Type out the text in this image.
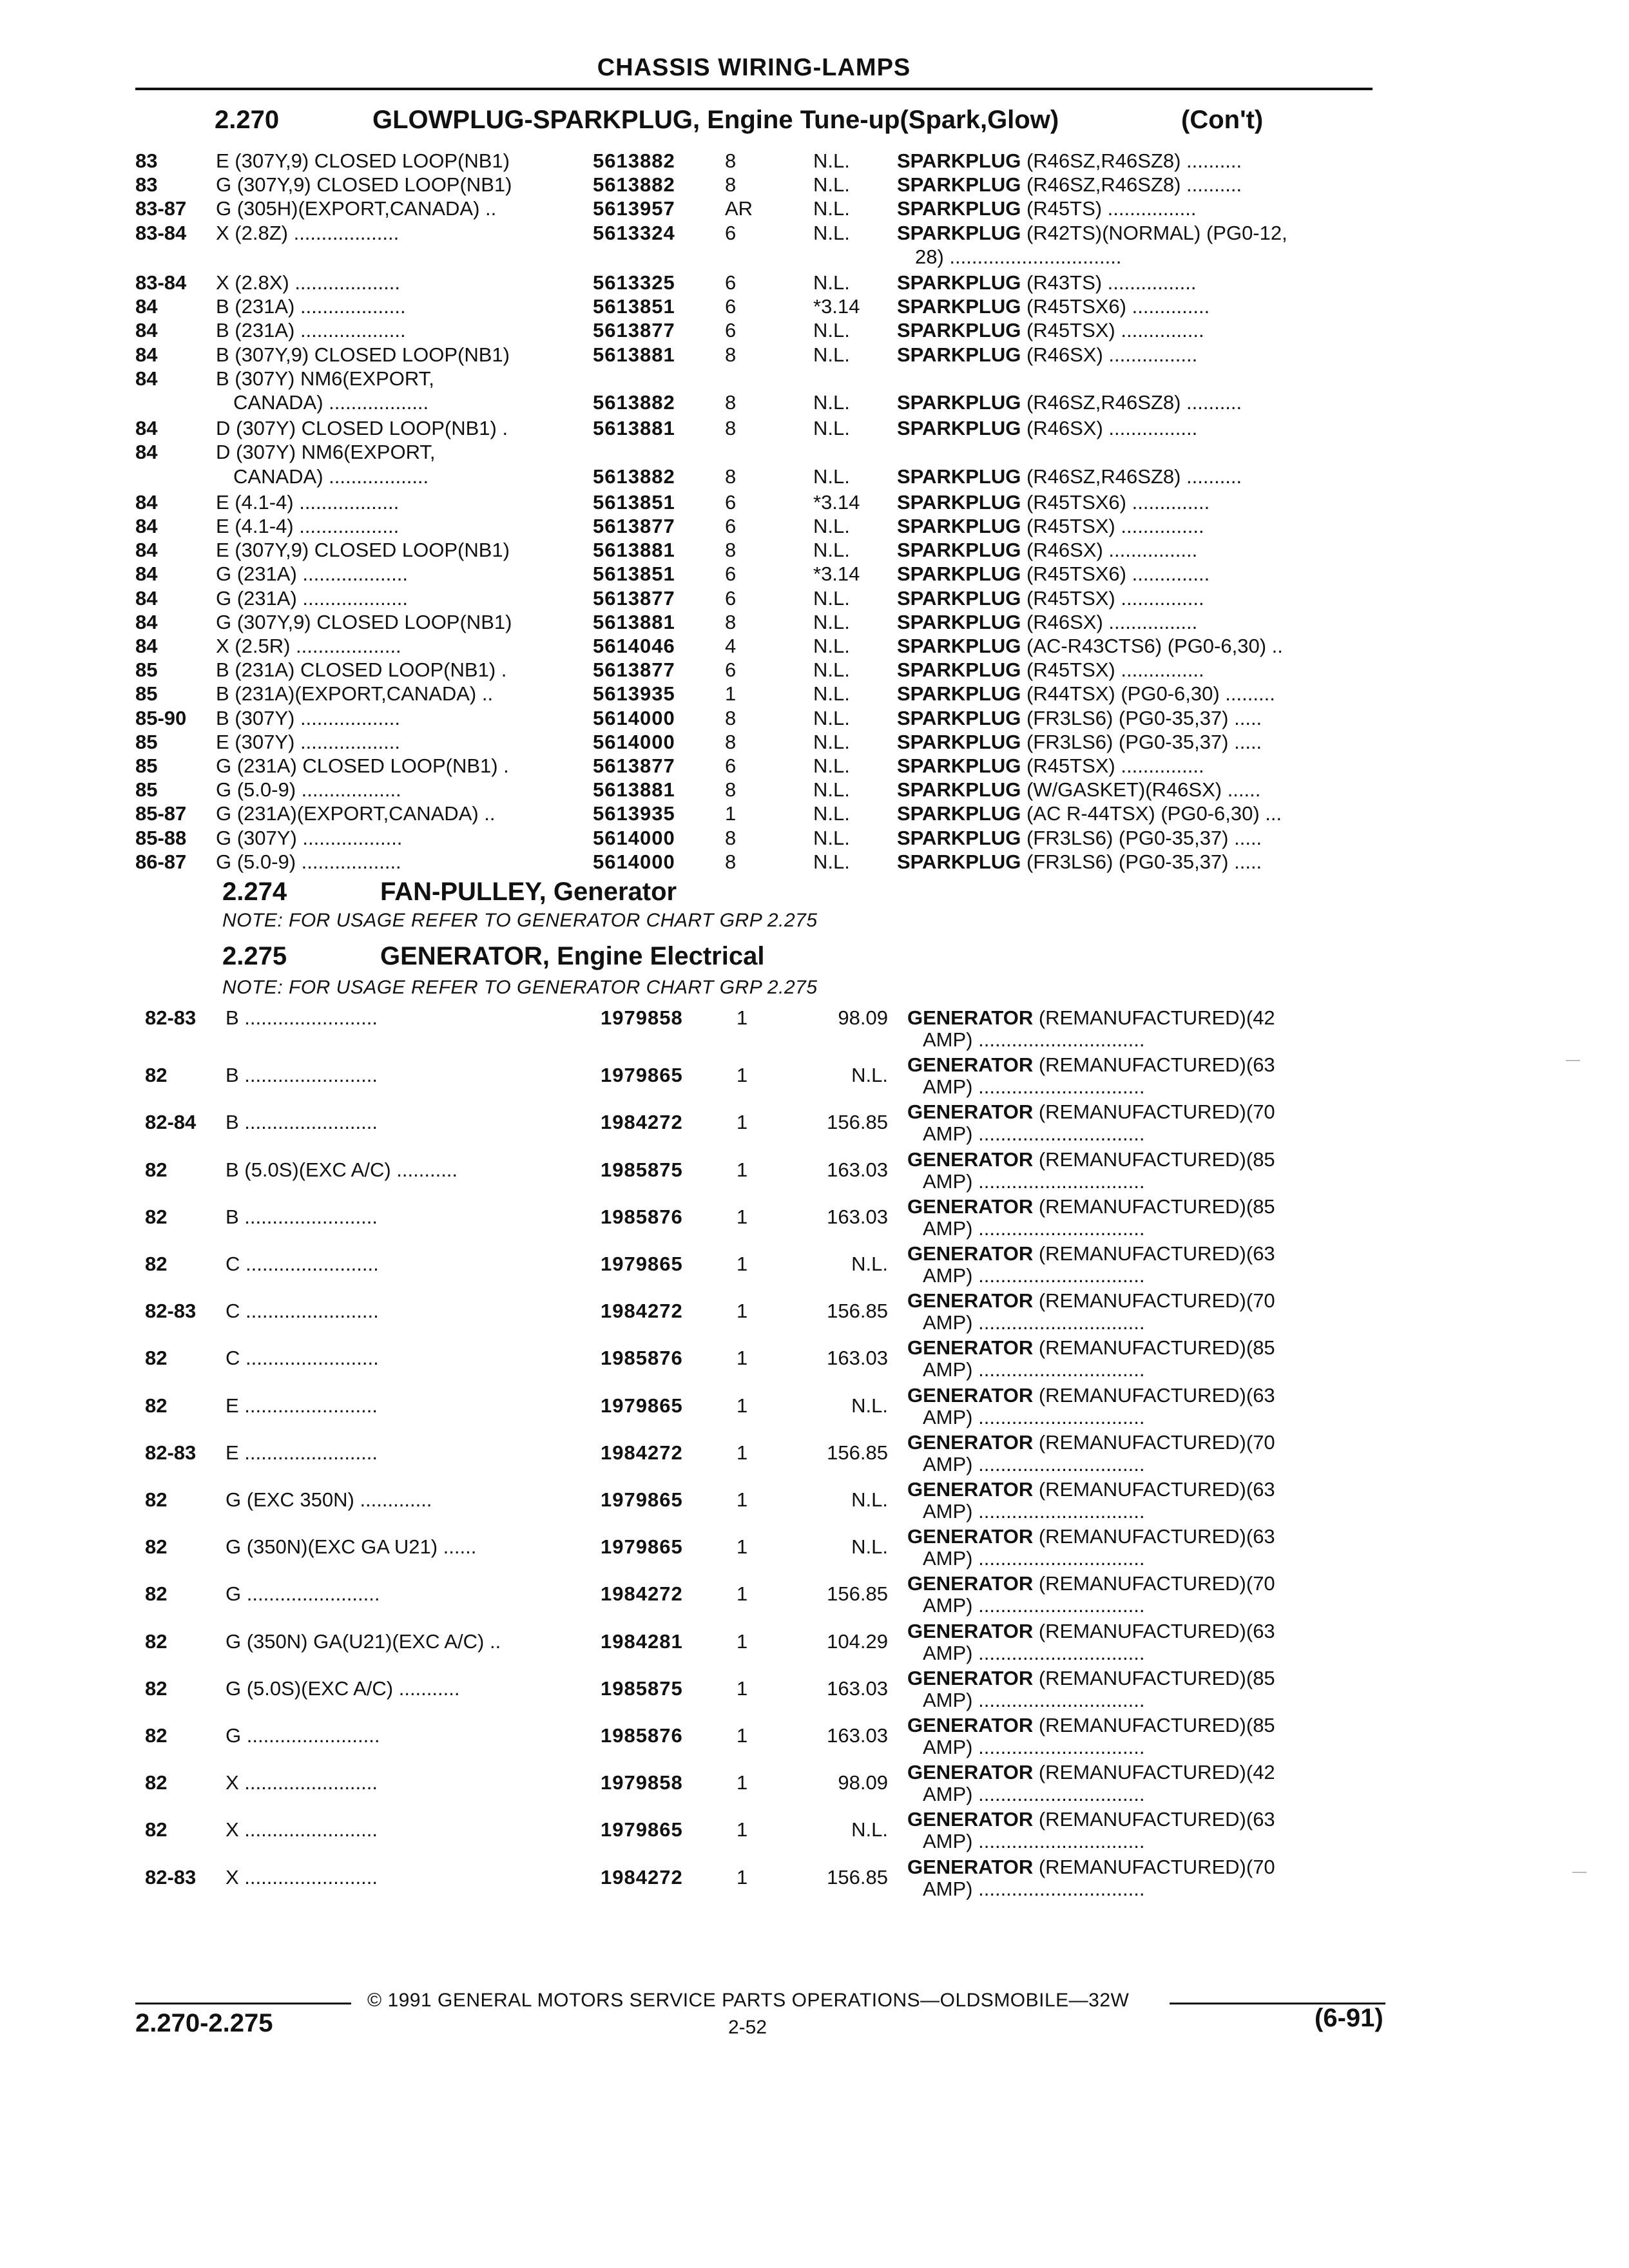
CHASSIS WIRING-LAMPS
2.270	GLOWPLUG-SPARKPLUG, Engine Tune-up(Spark,Glow)	(Con't)
83	E (307Y,9) CLOSED LOOP(NB1)	5613882 8	N.L. SPARKPLUG (R46SZ,R46SZ8) ..........
83	G (307Y,9) CLOSED LOOP(NB1)	5613882 8	N.L. SPARKPLUG (R46SZ,R46SZ8) ..........
83-87 G (305H)(EXPORT,CANADA) ..	5613957 AR	N.L. SPARKPLUG (R45TS) ................
83-84 X (2.8Z) ...................	5613324 6	N.L. SPARKPLUG (R42TS)(NORMAL) (PG0-12,
28) ...............................
83-84 X (2.8X) ...................	5613325 6	N.L. SPARKPLUG (R43TS) ................
84	B (231A) ...................	5613851 6	*3.14 SPARKPLUG (R45TSX6) ..............
84	B (231A) ...................	5613877 6	N.L. SPARKPLUG (R45TSX) ...............
84	B (307Y,9) CLOSED LOOP(NB1)	5613881 8	N.L. SPARKPLUG (R46SX) ................
84	B (307Y) NM6(EXPORT,
CANADA) ..................	5613882 8	N.L. SPARKPLUG (R46SZ,R46SZ8) ..........
84	D (307Y) CLOSED LOOP(NB1) .	5613881 8	N.L. SPARKPLUG (R46SX) ................
84	D (307Y) NM6(EXPORT,
CANADA) ..................	5613882 8	N.L. SPARKPLUG (R46SZ,R46SZ8) ..........
84	E (4.1-4) ..................	5613851 6	*3.14 SPARKPLUG (R45TSX6) ..............
84	E (4.1-4) ..................	5613877 6	N.L. SPARKPLUG (R45TSX) ...............
84	E (307Y,9) CLOSED LOOP(NB1)	5613881 8	N.L. SPARKPLUG (R46SX) ................
84	G (231A) ...................	5613851 6	*3.14 SPARKPLUG (R45TSX6) ..............
84	G (231A) ...................	5613877 6	N.L. SPARKPLUG (R45TSX) ...............
84	G (307Y,9) CLOSED LOOP(NB1)	5613881 8	N.L. SPARKPLUG (R46SX) ................
84	X (2.5R) ...................	5614046 4	N.L. SPARKPLUG (AC-R43CTS6) (PG0-6,30) ..
85	B (231A) CLOSED LOOP(NB1) .	5613877 6	N.L. SPARKPLUG (R45TSX) ...............
85	B (231A)(EXPORT,CANADA) ..	5613935 1	N.L. SPARKPLUG (R44TSX) (PG0-6,30) .........
85-90 B (307Y) ..................	5614000 8	N.L. SPARKPLUG (FR3LS6) (PG0-35,37) .....
85	E (307Y) ..................	5614000 8	N.L. SPARKPLUG (FR3LS6) (PG0-35,37) .....
85	G (231A) CLOSED LOOP(NB1) .	5613877 6	N.L. SPARKPLUG (R45TSX) ...............
85	G (5.0-9) ..................	5613881 8	N.L. SPARKPLUG (W/GASKET)(R46SX) ......
85-87 G (231A)(EXPORT,CANADA) ..	5613935 1	N.L. SPARKPLUG (AC R-44TSX) (PG0-6,30) ...
85-88 G (307Y) ..................	5614000 8	N.L. SPARKPLUG (FR3LS6) (PG0-35,37) .....
86-87 G (5.0-9) ..................	5614000 8	N.L. SPARKPLUG (FR3LS6) (PG0-35,37) .....
2.274	FAN-PULLEY, Generator
NOTE: FOR USAGE REFER TO GENERATOR CHART GRP 2.275
2.275	GENERATOR, Engine Electrical
NOTE: FOR USAGE REFER TO GENERATOR CHART GRP 2.275
82-83 B ........................	1979858	1	98.09 GENERATOR (REMANUFACTURED)(42
AMP) ..............................
82	B ........................	1979865	1	N.L. GENERATOR (REMANUFACTURED)(63
AMP) ..............................
82-84 B ........................	1984272	1	156.85 GENERATOR (REMANUFACTURED)(70
AMP) ..............................
82	B (5.0S)(EXC A/C) ...........	1985875	1	163.03 GENERATOR (REMANUFACTURED)(85
AMP) ..............................
82	B ........................	1985876	1	163.03 GENERATOR (REMANUFACTURED)(85
AMP) ..............................
82	C ........................	1979865	1	N.L. GENERATOR (REMANUFACTURED)(63
AMP) ..............................
82-83 C ........................	1984272	1	156.85 GENERATOR (REMANUFACTURED)(70
AMP) ..............................
82	C ........................	1985876	1	163.03 GENERATOR (REMANUFACTURED)(85
AMP) ..............................
82	E ........................	1979865	1	N.L. GENERATOR (REMANUFACTURED)(63
AMP) ..............................
82-83 E ........................	1984272	1	156.85 GENERATOR (REMANUFACTURED)(70
AMP) ..............................
82	G (EXC 350N) .............	1979865	1	N.L. GENERATOR (REMANUFACTURED)(63
AMP) ..............................
82	G (350N)(EXC GA U21) ......	1979865	1	N.L. GENERATOR (REMANUFACTURED)(63
AMP) ..............................
82	G ........................	1984272	1	156.85 GENERATOR (REMANUFACTURED)(70
AMP) ..............................
82	G (350N) GA(U21)(EXC A/C) ..	1984281	1	104.29 GENERATOR (REMANUFACTURED)(63
AMP) ..............................
82	G (5.0S)(EXC A/C) ...........	1985875	1	163.03 GENERATOR (REMANUFACTURED)(85
AMP) ..............................
82	G ........................	1985876	1	163.03 GENERATOR (REMANUFACTURED)(85
AMP) ..............................
82	X ........................	1979858	1	98.09 GENERATOR (REMANUFACTURED)(42
AMP) ..............................
82	X ........................	1979865	1	N.L. GENERATOR (REMANUFACTURED)(63
AMP) ..............................
82-83 X ........................	1984272	1	156.85 GENERATOR (REMANUFACTURED)(70
AMP) ..............................
© 1991 GENERAL MOTORS SERVICE PARTS OPERATIONS—OLDSMOBILE—32W
2.270-2.275	2-52	(6-91)
